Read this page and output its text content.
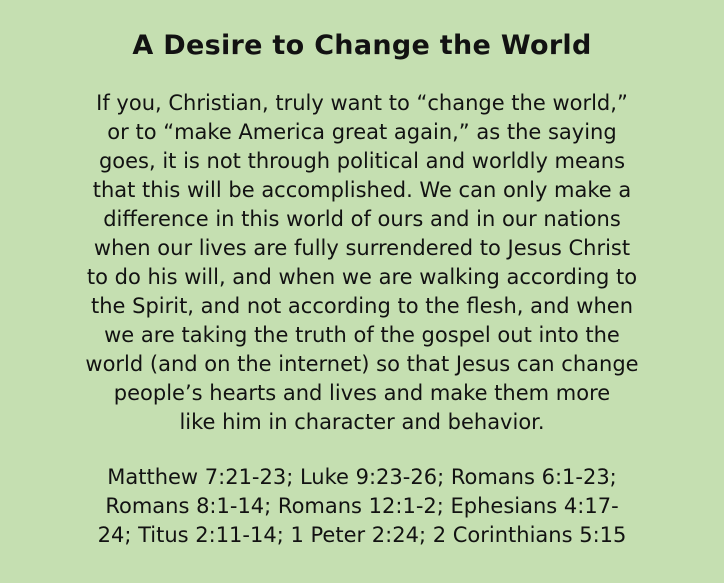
A Desire to Change the World
If you, Christian, truly want to “change the world,”
or to “make America great again,” as the saying
goes, it is not through political and worldly means
that this will be accomplished. We can only make a
difference in this world of ours and in our nations
when our lives are fully surrendered to Jesus Christ
to do his will, and when we are walking according to
the Spirit, and not according to the flesh, and when
we are taking the truth of the gospel out into the
world (and on the internet) so that Jesus can change
people’s hearts and lives and make them more
like him in character and behavior.
Matthew 7:21-23; Luke 9:23-26; Romans 6:1-23;
Romans 8:1-14; Romans 12:1-2; Ephesians 4:17-
24; Titus 2:11-14; 1 Peter 2:24; 2 Corinthians 5:15
